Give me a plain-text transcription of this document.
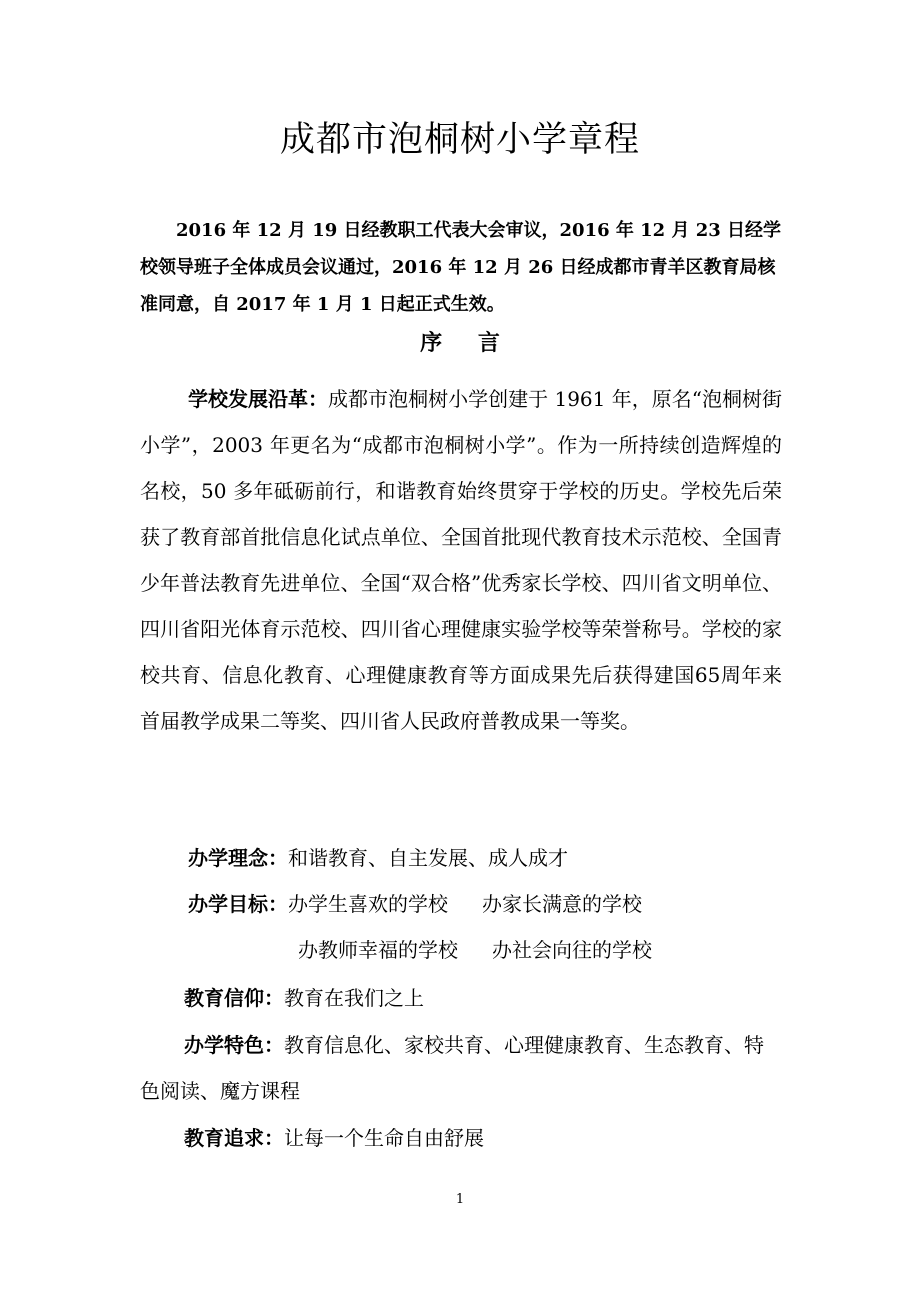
成都市泡桐树小学章程
2016 年 12 月 19 日经教职工代表大会审议，2016 年 12 月 23 日经学校领导班子全体成员会议通过，2016 年 12 月 26 日经成都市青羊区教育局核准同意，自 2017 年 1 月 1 日起正式生效。
序 言
学校发展沿革：成都市泡桐树小学创建于 1961 年，原名“泡桐树街小学”，2003 年更名为“成都市泡桐树小学”。作为一所持续创造辉煌的名校，50 多年砥砺前行，和谐教育始终贯穿于学校的历史。学校先后荣获了教育部首批信息化试点单位、全国首批现代教育技术示范校、全国青少年普法教育先进单位、全国“双合格”优秀家长学校、四川省文明单位、四川省阳光体育示范校、四川省心理健康实验学校等荣誉称号。学校的家校共育、信息化教育、心理健康教育等方面成果先后获得建国65周年来首届教学成果二等奖、四川省人民政府普教成果一等奖。
办学理念：和谐教育、自主发展、成人成才
办学目标：办学生喜欢的学校 办家长满意的学校
办教师幸福的学校 办社会向往的学校
教育信仰：教育在我们之上
办学特色：教育信息化、家校共育、心理健康教育、生态教育、特色阅读、魔方课程
教育追求：让每一个生命自由舒展
1
